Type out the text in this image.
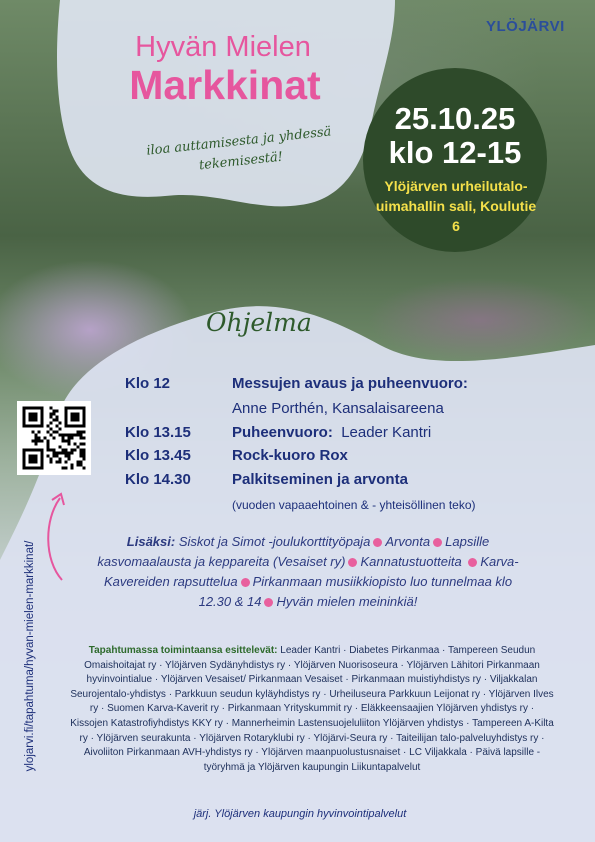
YLÖJÄRVI
Hyvän Mielen
Markkinat
iloa auttamisesta ja yhdessä tekemisestä!
25.10.25
klo 12-15
Ylöjärven urheilutalo-uimahallin sali, Koulutie 6
Ohjelma
Klo 12	Messujen avaus ja puheenvuoro:
Anne Porthén, Kansalaisareena
Klo 13.15	Puheenvuoro: Leader Kantri
Klo 13.45	Rock-kuoro Rox
Klo 14.30	Palkitseminen ja arvonta
(vuoden vapaaehtoinen & - yhteisöllinen teko)
Lisäksi: Siskot ja Simot -joulukorttityöpaja Arvonta Lapsille kasvomaalausta ja keppareita (Vesaiset ry) Kannatustuotteita Karva-Kavereiden rapsuttelua Pirkanmaan musiikkiopisto luo tunnelmaa klo 12.30 & 14 Hyvän mielen meininkiä!
Tapahtumassa toimintaansa esittelevät: Leader Kantri · Diabetes Pirkanmaa · Tampereen Seudun Omaishoitajat ry · Ylöjärven Sydänyhdistys ry · Ylöjärven Nuorisoseura · Ylöjärven Lähitori Pirkanmaan hyvinvointialue · Ylöjärven Vesaiset/ Pirkanmaan Vesaiset · Pirkanmaan muistiyhdistys ry · Viljakkalan Seurojentalo-yhdistys · Parkkuun seudun kyläyhdistys ry · Urheiluseura Parkkuun Leijonat ry · Ylöjärven Ilves ry · Suomen Karva-Kaverit ry · Pirkanmaan Yrityskummit ry · Eläkkeensaajien Ylöjärven yhdistys ry · Kissojen Katastrofiyhdistys KKY ry · Mannerheimin Lastensuojeluliiton Ylöjärven yhdistys · Tampereen A-Kilta ry · Ylöjärven seurakunta · Ylöjärven Rotaryklubi ry · Ylöjärvi-Seura ry · Taiteilijan talo-palveluyhdistys ry · Aivoliiton Pirkanmaan AVH-yhdistys ry · Ylöjärven maanpuolustusnaiset · LC Viljakkala · Päivä lapsille -työryhmä ja Ylöjärven kaupungin Liikuntapalvelut
järj. Ylöjärven kaupungin hyvinvointipalvelut
ylojarvi.fi/tapahtuma/hyvan-mielen-markkinat/
